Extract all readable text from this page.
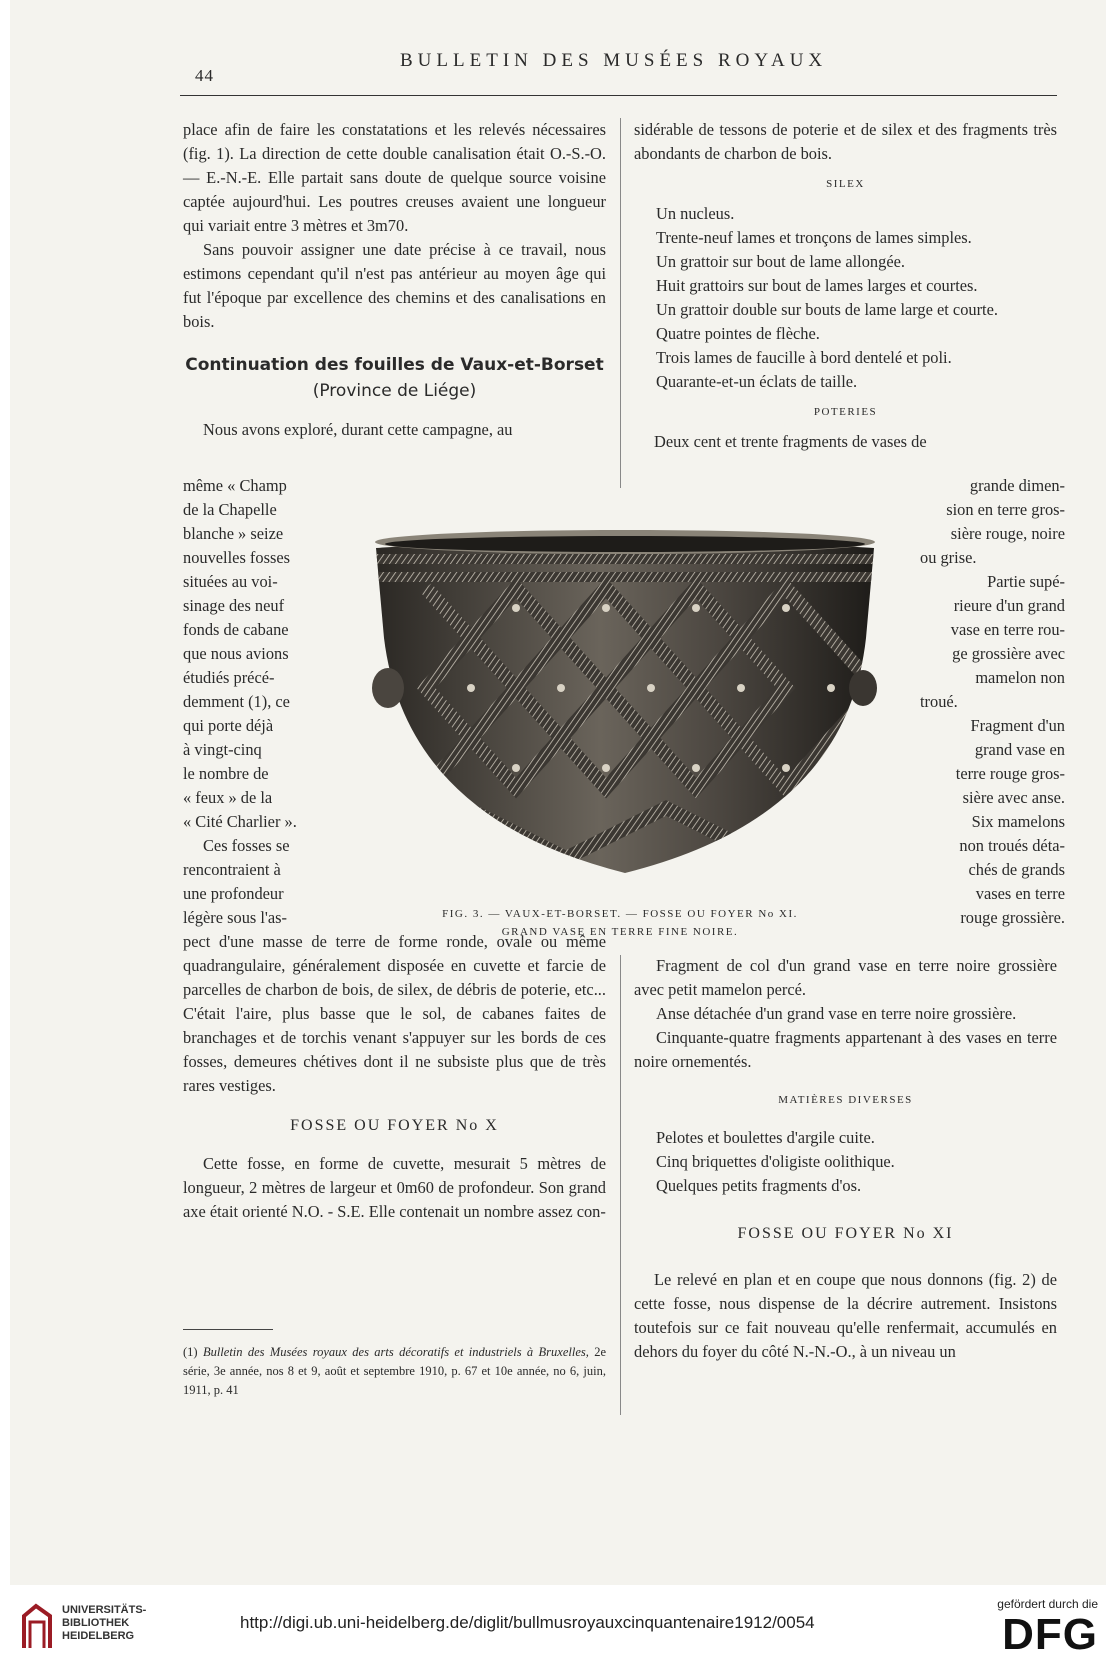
44
BULLETIN DES MUSÉES ROYAUX

place afin de faire les constatations et les relevés nécessaires (fig. 1). La direction de cette double canalisation était O.-S.-O. — E.-N.-E. Elle partait sans doute de quelque source voisine captée aujourd'hui. Les poutres creuses avaient une longueur qui variait entre 3 mètres et 3m70.

Sans pouvoir assigner une date précise à ce travail, nous estimons cependant qu'il n'est pas antérieur au moyen âge qui fut l'époque par excellence des chemins et des canalisations en bois.

Continuation des fouilles de Vaux-et-Borset
(Province de Liége)

Nous avons exploré, durant cette campagne, au

même « Champ
de la Chapelle
blanche » seize
nouvelles fosses
situées au voi-
sinage des neuf
fonds de cabane
que nous avions
étudiés précé-
demment (1), ce
qui porte déjà
à vingt-cinq
le nombre de
« feux » de la
« Cité Charlier ».
Ces fosses se
rencontraient à
une profondeur
légère sous l'as-

pect d'une masse de terre de forme ronde, ovale ou même quadrangulaire, généralement disposée en cuvette et farcie de parcelles de charbon de bois, de silex, de débris de poterie, etc... C'était l'aire, plus basse que le sol, de cabanes faites de branchages et de torchis venant s'appuyer sur les bords de ces fosses, demeures chétives dont il ne subsiste plus que de très rares vestiges.

FOSSE OU FOYER No X

Cette fosse, en forme de cuvette, mesurait 5 mètres de longueur, 2 mètres de largeur et 0m60 de profondeur. Son grand axe était orienté N.O. - S.E. Elle contenait un nombre assez con-

(1) Bulletin des Musées royaux des arts décoratifs et industriels à Bruxelles, 2e série, 3e année, nos 8 et 9, août et septembre 1910, p. 67 et 10e année, no 6, juin, 1911, p. 41

sidérable de tessons de poterie et de silex et des fragments très abondants de charbon de bois.

SILEX

Un nucleus.

Trente-neuf lames et tronçons de lames simples.

Un grattoir sur bout de lame allongée.

Huit grattoirs sur bout de lames larges et courtes.

Un grattoir double sur bouts de lame large et courte.

Quatre pointes de flèche.

Trois lames de faucille à bord dentelé et poli.

Quarante-et-un éclats de taille.

POTERIES

Deux cent et trente fragments de vases de

grande dimen-
sion en terre gros-
sière rouge, noire
ou grise.
Partie supé-
rieure d'un grand
vase en terre rou-
ge grossière avec
mamelon non
troué.
Fragment d'un
grand vase en
terre rouge gros-
sière avec anse.
Six mamelons
non troués déta-
chés de grands
vases en terre
rouge grossière.

Fragment de col d'un grand vase en terre noire grossière avec petit mamelon percé.

Anse détachée d'un grand vase en terre noire grossière.

Cinquante-quatre fragments appartenant à des vases en terre noire ornementés.

MATIÈRES DIVERSES

Pelotes et boulettes d'argile cuite.

Cinq briquettes d'oligiste oolithique.

Quelques petits fragments d'os.

FOSSE OU FOYER No XI

Le relevé en plan et en coupe que nous donnons (fig. 2) de cette fosse, nous dispense de la décrire autrement. Insistons toutefois sur ce fait nouveau qu'elle renfermait, accumulés en dehors du foyer du côté N.-N.-O., à un niveau un

FIG. 3. — VAUX-ET-BORSET. — FOSSE OU FOYER No XI.
GRAND VASE EN TERRE FINE NOIRE.
UNIVERSITÄTS-
BIBLIOTHEK
HEIDELBERG
http://digi.ub.uni-heidelberg.de/diglit/bullmusroyauxcinquantenaire1912/0054
gefördert durch die
DFG
